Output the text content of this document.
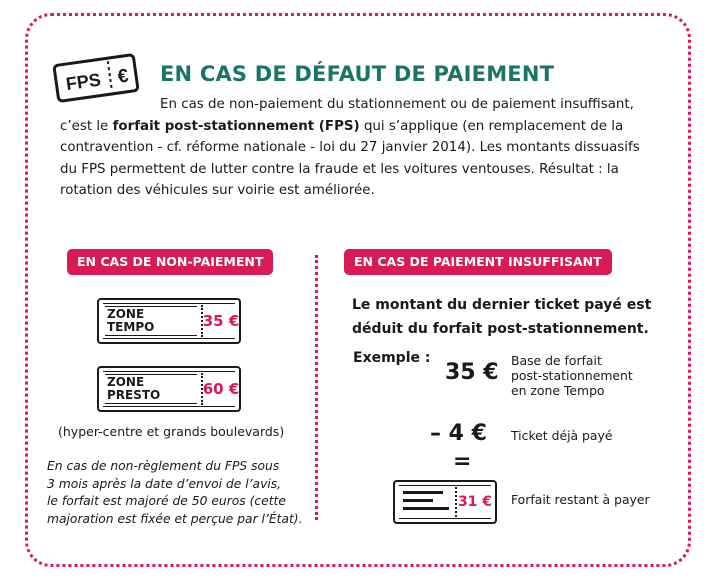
FPS € EN CAS DE DÉFAUT DE PAIEMENT
En cas de non-paiement du stationnement ou de paiement insuffisant, c’est le forfait post-stationnement (FPS) qui s’applique (en remplacement de la contravention - cf. réforme nationale - loi du 27 janvier 2014). Les montants dissuasifs du FPS permettent de lutter contre la fraude et les voitures ventouses. Résultat : la rotation des véhicules sur voirie est améliorée.
EN CAS DE NON-PAIEMENT
ZONE TEMPO	35 €
ZONE PRESTO	60 €
(hyper-centre et grands boulevards)
En cas de non-règlement du FPS sous
3 mois après la date d’envoi de l’avis,
le forfait est majoré de 50 euros (cette
majoration est fixée et perçue par l’État).
EN CAS DE PAIEMENT INSUFFISANT
Le montant du dernier ticket payé est
déduit du forfait post-stationnement.
Exemple :
35 € Base de forfait
post-stationnement
en zone Tempo
– 4 € Ticket déjà payé
=
31 € Forfait restant à payer
